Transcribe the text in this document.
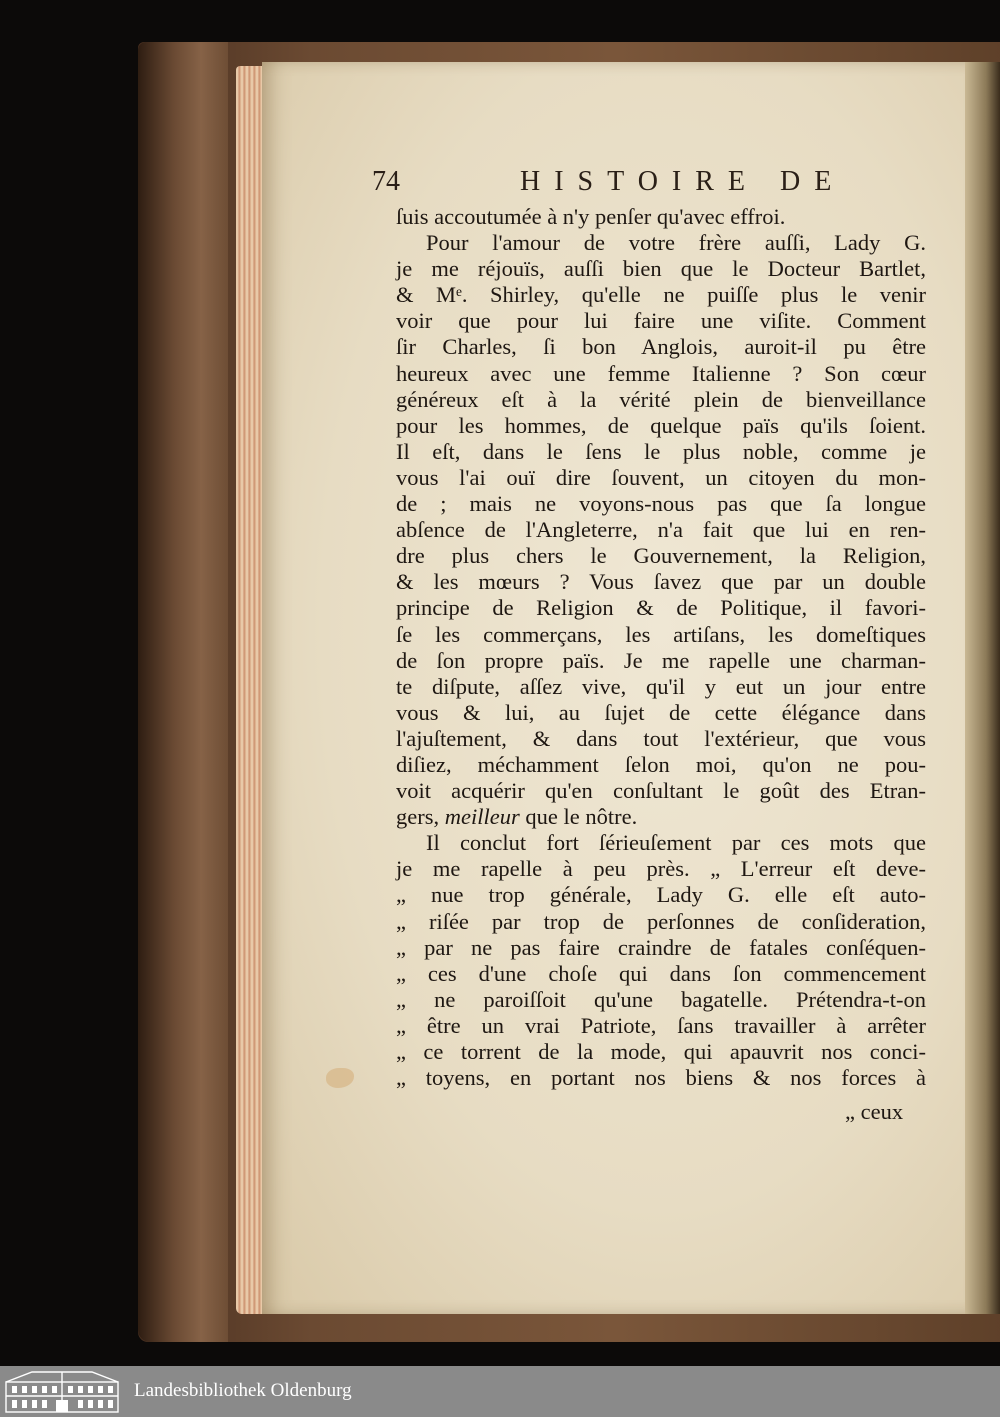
74	HISTOIRE DE
ſuis accoutumée à n'y penſer qu'avec effroi.
Pour l'amour de votre frère auſſi, Lady G.
je me réjouïs, auſſi bien que le Docteur Bartlet,
& Mᵉ. Shirley, qu'elle ne puiſſe plus le venir
voir que pour lui faire une viſite. Comment
ſir Charles, ſi bon Anglois, auroit-il pu être
heureux avec une femme Italienne ? Son cœur
généreux eſt à la vérité plein de bienveillance
pour les hommes, de quelque païs qu'ils ſoient.
Il eſt, dans le ſens le plus noble, comme je
vous l'ai ouï dire ſouvent, un citoyen du mon-
de ; mais ne voyons-nous pas que ſa longue
abſence de l'Angleterre, n'a fait que lui en ren-
dre plus chers le Gouvernement, la Religion,
& les mœurs ? Vous ſavez que par un double
principe de Religion & de Politique, il favori-
ſe les commerçans, les artiſans, les domeſtiques
de ſon propre païs. Je me rapelle une charman-
te diſpute, aſſez vive, qu'il y eut un jour entre
vous & lui, au ſujet de cette élégance dans
l'ajuſtement, & dans tout l'extérieur, que vous
diſiez, méchamment ſelon moi, qu'on ne pou-
voit acquérir qu'en conſultant le goût des Etran-
gers, meilleur que le nôtre.
Il conclut fort ſérieuſement par ces mots que
je me rapelle à peu près. „ L'erreur eſt deve-
„ nue trop générale, Lady G. elle eſt auto-
„ riſée par trop de perſonnes de conſideration,
„ par ne pas faire craindre de fatales conſéquen-
„ ces d'une choſe qui dans ſon commencement
„ ne paroiſſoit qu'une bagatelle. Prétendra-t-on
„ être un vrai Patriote, ſans travailler à arrêter
„ ce torrent de la mode, qui apauvrit nos conci-
„ toyens, en portant nos biens & nos forces à
„ ceux
Landesbibliothek Oldenburg
